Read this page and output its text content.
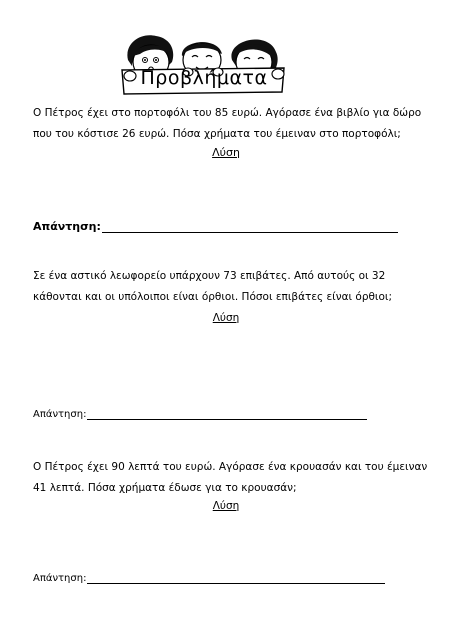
Προβλήματα
Ο Πέτρος έχει στο πορτοφόλι του 85 ευρώ. Αγόρασε ένα βιβλίο για δώρο που του κόστισε 26 ευρώ. Πόσα χρήματα του έμειναν στο πορτοφόλι;
Λύση
Απάντηση:
Σε ένα αστικό λεωφορείο υπάρχουν 73 επιβάτες. Από αυτούς οι 32 κάθονται και οι υπόλοιποι είναι όρθιοι. Πόσοι επιβάτες είναι όρθιοι;
Λύση
Απάντηση:
Ο Πέτρος έχει 90 λεπτά του ευρώ. Αγόρασε ένα κρουασάν και του έμειναν 41 λεπτά. Πόσα χρήματα έδωσε για το κρουασάν;
Λύση
Απάντηση:
